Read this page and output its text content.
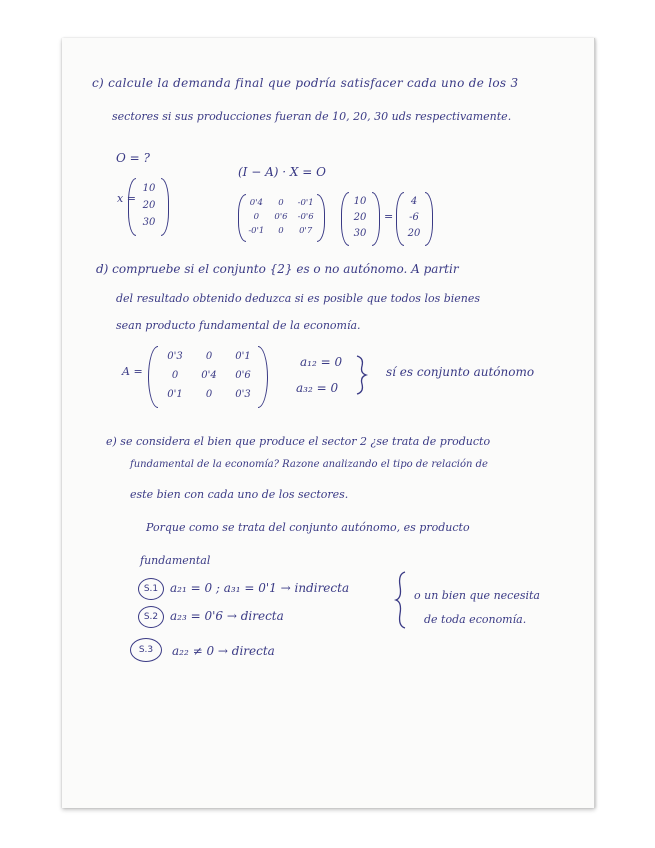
c) calcule la demanda final que podría satisfacer cada uno de los 3
sectores si sus producciones fueran de 10, 20, 30 uds respectivamente.
O = ?
x =
10
20
30
(I − A) · X = O
0'4	0	-0'1
0	0'6	-0'6
-0'1	0	0'7
10
20
30
=
4
-6
20
d) compruebe si el conjunto {2} es o no autónomo. A partir
del resultado obtenido deduzca si es posible que todos los bienes
sean producto fundamental de la economía.
A =
0'3	0	0'1
0	0'4	0'6
0'1	0	0'3
a₁₂ = 0
a₃₂ = 0
sí es conjunto autónomo
e) se considera el bien que produce el sector 2 ¿se trata de producto
fundamental de la economía? Razone analizando el tipo de relación de
este bien con cada uno de los sectores.
Porque como se trata del conjunto autónomo, es producto
fundamental
S.1 a₂₁ = 0 ; a₃₁ = 0'1 → indirecta
S.2 a₂₃ = 0'6 → directa
S.3	a₂₂ ≠ 0 → directa
o un bien que necesita
de toda economía.
